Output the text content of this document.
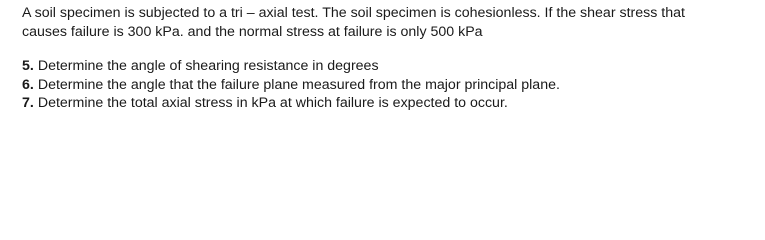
A soil specimen is subjected to a tri – axial test. The soil specimen is cohesionless. If the shear stress that

causes failure is 300 kPa. and the normal stress at failure is only 500 kPa

5. Determine the angle of shearing resistance in degrees
6. Determine the angle that the failure plane measured from the major principal plane.
7. Determine the total axial stress in kPa at which failure is expected to occur.
